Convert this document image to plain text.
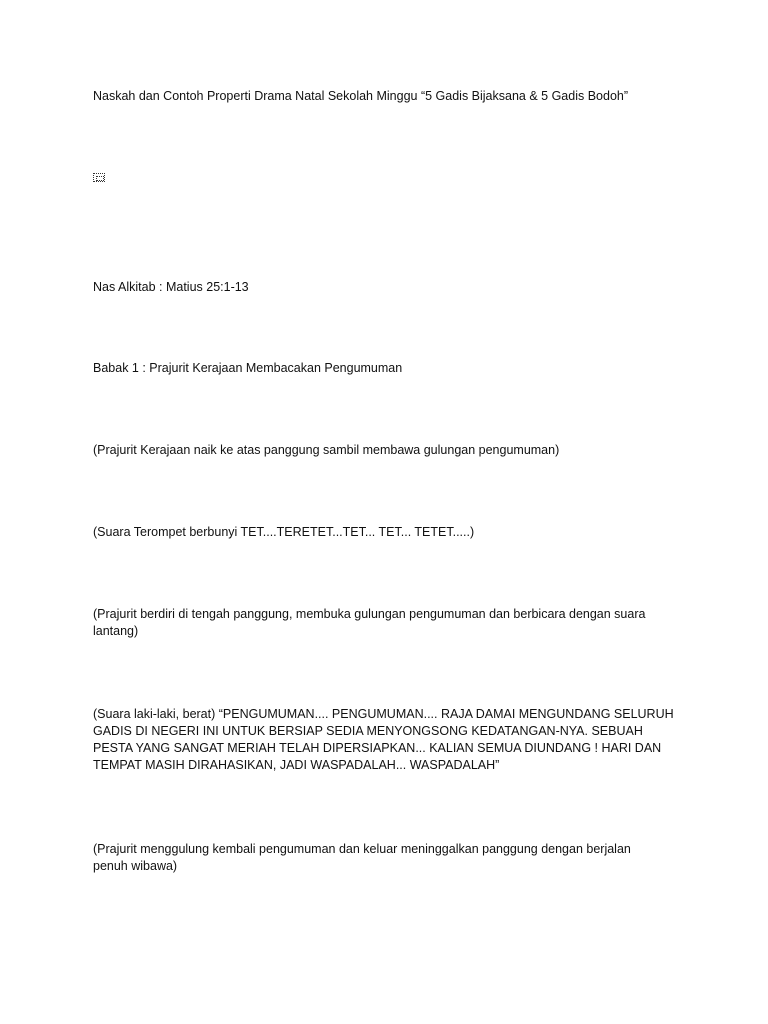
Naskah dan Contoh Properti Drama Natal Sekolah Minggu “5 Gadis Bijaksana & 5 Gadis Bodoh”
Nas Alkitab : Matius 25:1-13
Babak 1 : Prajurit Kerajaan Membacakan Pengumuman
(Prajurit Kerajaan naik ke atas panggung sambil membawa gulungan pengumuman)
(Suara Terompet berbunyi TET....TERETET...TET... TET... TETET.....)
(Prajurit berdiri di tengah panggung, membuka gulungan pengumuman dan berbicara dengan suara lantang)
(Suara laki-laki, berat) “PENGUMUMAN.... PENGUMUMAN.... RAJA DAMAI MENGUNDANG SELURUH GADIS DI NEGERI INI UNTUK BERSIAP SEDIA MENYONGSONG KEDATANGAN-NYA. SEBUAH PESTA YANG SANGAT MERIAH TELAH DIPERSIAPKAN... KALIAN SEMUA DIUNDANG ! HARI DAN TEMPAT MASIH DIRAHASIKAN, JADI WASPADALAH... WASPADALAH”
(Prajurit menggulung kembali pengumuman dan keluar meninggalkan panggung dengan berjalan penuh wibawa)
